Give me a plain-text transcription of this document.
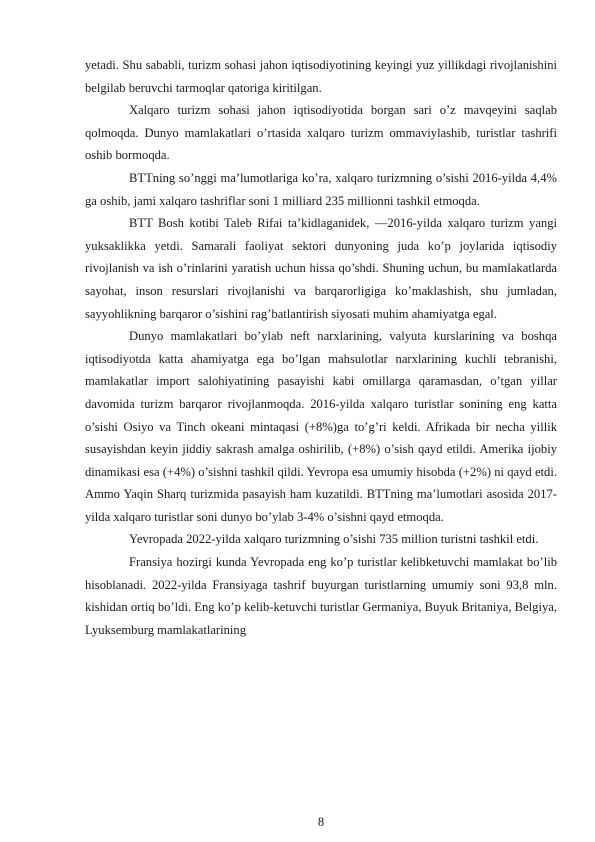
yetadi. Shu sababli, turizm sohasi jahon iqtisodiyotining keyingi yuz yillikdagi rivojlanishini belgilab beruvchi tarmoqlar qatoriga kiritilgan.

Xalqaro turizm sohasi jahon iqtisodiyotida borgan sari o’z mavqeyini saqlab qolmoqda. Dunyo mamlakatlari o’rtasida xalqaro turizm ommaviylashib, turistlar tashrifi oshib bormoqda.

BTTning so’nggi ma’lumotlariga ko’ra, xalqaro turizmning o’sishi 2016-yilda 4,4% ga oshib, jami xalqaro tashriflar soni 1 milliard 235 millionni tashkil etmoqda.

BTT Bosh kotibi Taleb Rifai ta’kidlaganidek, ―2016-yilda xalqaro turizm yangi yuksaklikka yetdi. Samarali faoliyat sektori dunyoning juda ko’p joylarida iqtisodiy rivojlanish va ish o’rinlarini yaratish uchun hissa qo’shdi. Shuning uchun, bu mamlakatlarda sayohat, inson resurslari rivojlanishi va barqarorligiga ko’maklashish, shu jumladan, sayyohlikning barqaror o’sishini rag’batlantirish siyosati muhim ahamiyatga ega‖.

Dunyo mamlakatlari bo’ylab neft narxlarining, valyuta kurslarining va boshqa iqtisodiyotda katta ahamiyatga ega bo’lgan mahsulotlar narxlarining kuchli tebranishi, mamlakatlar import salohiyatining pasayishi kabi omillarga qaramasdan, o’tgan yillar davomida turizm barqaror rivojlanmoqda. 2016-yilda xalqaro turistlar sonining eng katta o’sishi Osiyo va Tinch okeani mintaqasi (+8%)ga to’g’ri keldi. Afrikada bir necha yillik susayishdan keyin jiddiy sakrash amalga oshirilib, (+8%) o’sish qayd etildi. Amerika ijobiy dinamikasi esa (+4%) o’sishni tashkil qildi. Yevropa esa umumiy hisobda (+2%) ni qayd etdi. Ammo Yaqin Sharq turizmida pasayish ham kuzatildi. BTTning ma’lumotlari asosida 2017-yilda xalqaro turistlar soni dunyo bo’ylab 3-4% o’sishni qayd etmoqda.

Yevropada 2022-yilda xalqaro turizmning o’sishi 735 million turistni tashkil etdi.

Fransiya hozirgi kunda Yevropada eng ko’p turistlar kelibketuvchi mamlakat bo’lib hisoblanadi. 2022-yilda Fransiyaga tashrif buyurgan turistlarning umumiy soni 93,8 mln. kishidan ortiq bo’ldi. Eng ko’p kelib-ketuvchi turistlar Germaniya, Buyuk Britaniya, Belgiya, Lyuksemburg mamlakatlarining

8
